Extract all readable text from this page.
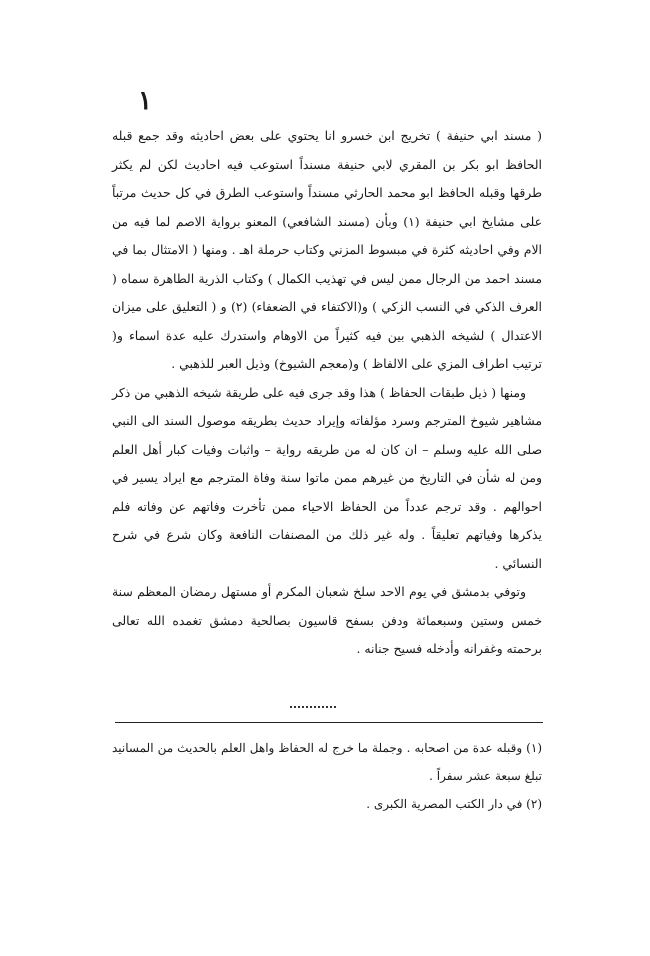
١

( مسند ابي حنيفة ) تخريج ابن خسرو انا يحتوي على بعض احاديثه وقد جمع قبله الحافظ ابو بكر بن المقري لابي حنيفة مسنداً استوعب فيه احاديث لكن لم يكثر طرقها وقبله الحافظ ابو محمد الحارثي مسنداً واستوعب الطرق في كل حديث مرتباً على مشايخ ابي حنيفة (١) وبأن (مسند الشافعي) المعنو برواية الاصم لما فيه من الام وفي احاديثه كثرة في مبسوط المزني وكتاب حرملة اهـ . ومنها ( الامتثال بما في مسند احمد من الرجال ممن ليس في تهذيب الكمال ) وكتاب الذرية الطاهرة سماه ( العرف الذكي في النسب الزكي ) و(الاكتفاء في الضعفاء) (٢) و ( التعليق على ميزان الاعتدال ) لشيخه الذهبي بين فيه كثيراً من الاوهام واستدرك عليه عدة اسماء و( ترتيب اطراف المزي على الالفاظ ) و(معجم الشيوخ) وذيل العبر للذهبي .

ومنها ( ذيل طبقات الحفاظ ) هذا وقد جرى فيه على طريقة شيخه الذهبي من ذكر مشاهير شيوخ المترجم وسرد مؤلفاته وإيراد حديث بطريقه موصول السند الى النبي صلى الله عليه وسلم – ان كان له من طريقه رواية – واثبات وفيات كبار أهل العلم ومن له شأن في التاريخ من غيرهم ممن ماتوا سنة وفاة المترجم مع ايراد يسير في احوالهم . وقد ترجم عدداً من الحفاظ الاحياء ممن تأخرت وفاتهم عن وفاته فلم يذكرها وفياتهم تعليقاً . وله غير ذلك من المصنفات النافعة وكان شرع في شرح النسائي .

وتوفي بدمشق في يوم الاحد سلخ شعبان المكرم أو مستهل رمضان المعظم سنة خمس وستين وسبعمائة ودفن بسفح قاسيون بصالحية دمشق تغمده الله تعالى برحمته وغفرانه وأدخله فسيح جنانه .

(١) وقبله عدة من اصحابه . وجملة ما خرج له الحفاظ واهل العلم بالحديث من المسانيد تبلغ سبعة عشر سفراً .

(٢) في دار الكتب المصرية الكبرى .
